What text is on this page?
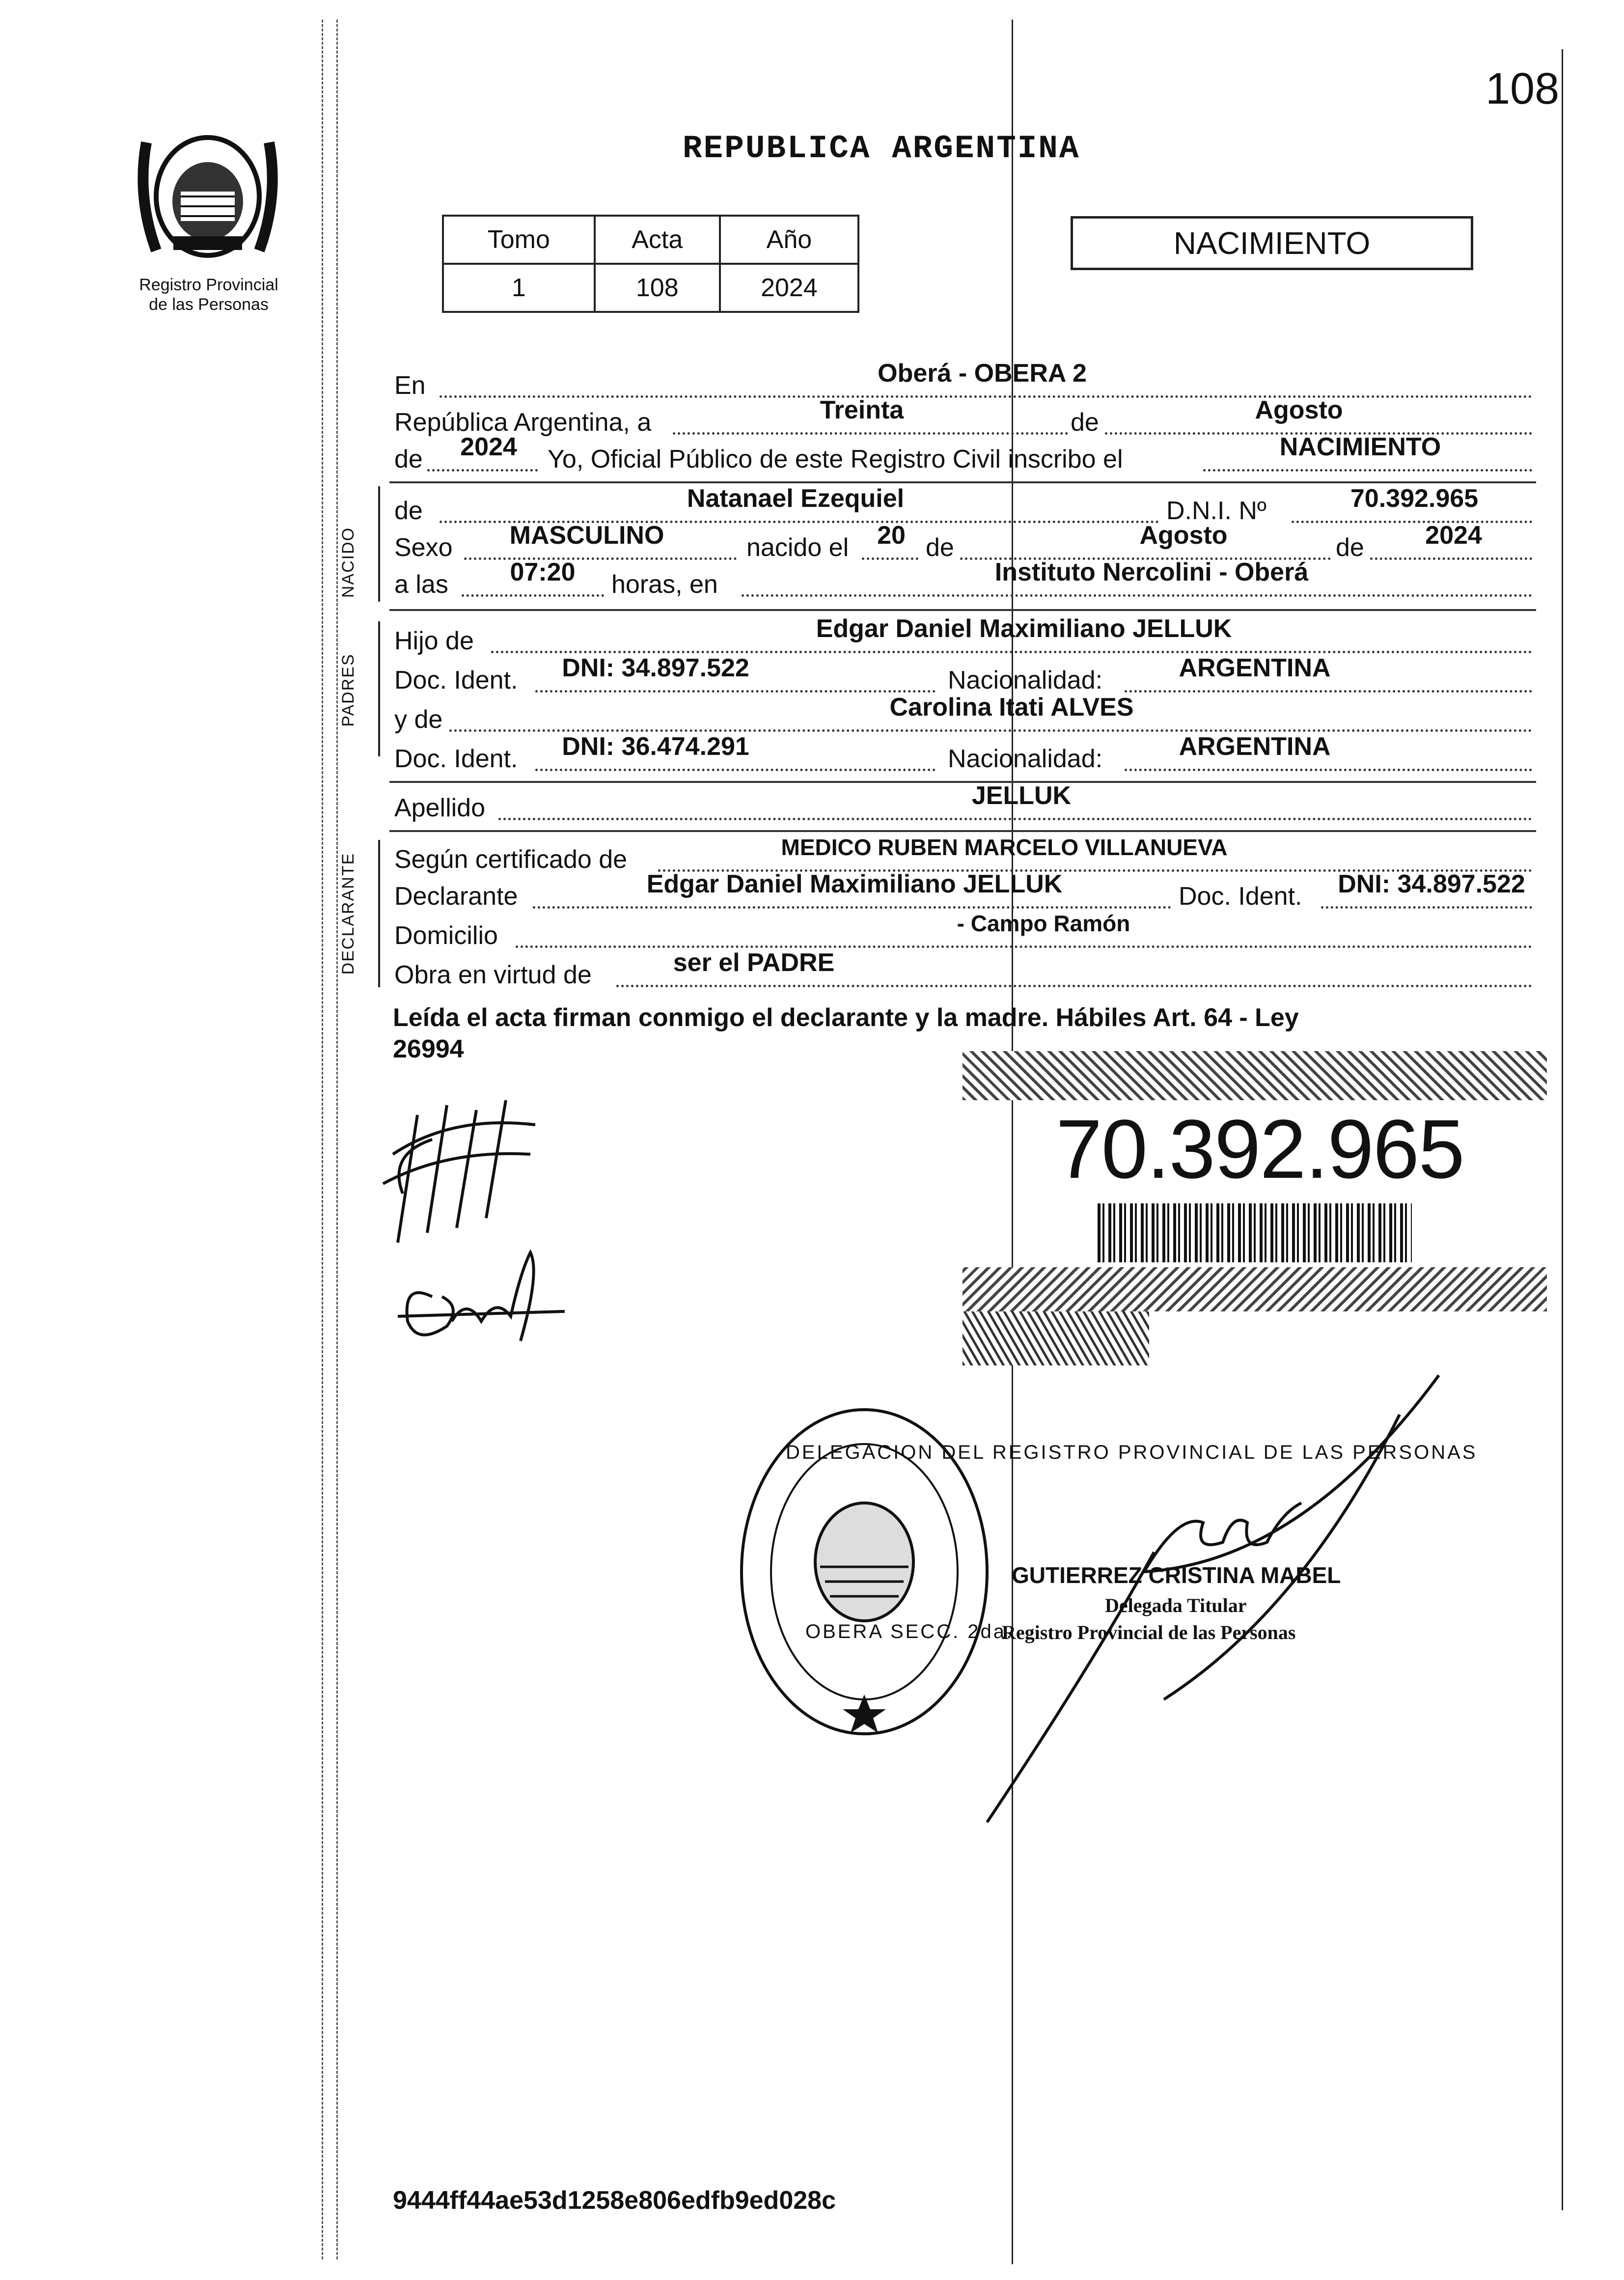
108
Registro Provincial
de las Personas
REPUBLICA ARGENTINA
Tomo	Acta	Año
1	108	2024
NACIMIENTO
NACIDO
PADRES
DECLARANTE
En	Oberá - OBERA 2
República Argentina, a	Treinta	de	Agosto
de 2024 Yo, Oficial Público de este Registro Civil inscribo el	NACIMIENTO
de	Natanael Ezequiel	D.N.I. Nº	70.392.965
Sexo MASCULINO	nacido el 20 de	Agosto	de 2024
a las 07:20 horas, en	Instituto Nercolini - Oberá
Hijo de	Edgar Daniel Maximiliano JELLUK
Doc. Ident. DNI: 34.897.522	Nacionalidad:	ARGENTINA
y de	Carolina Itati ALVES
Doc. Ident. DNI: 36.474.291	Nacionalidad:	ARGENTINA
Apellido	JELLUK
Según certificado de	MEDICO RUBEN MARCELO VILLANUEVA
Declarante	Edgar Daniel Maximiliano JELLUK	Doc. Ident. DNI: 34.897.522
Domicilio	- Campo Ramón
Obra en virtud de	ser el PADRE
Leída el acta firman conmigo el declarante y la madre. Hábiles Art. 64 - Ley
26994
70.392.965
DELEGACION DEL REGISTRO PROVINCIAL DE LAS PERSONAS
OBERA SECC. 2da.
GUTIERREZ CRISTINA MABEL
Delegada Titular
Registro Provincial de las Personas
9444ff44ae53d1258e806edfb9ed028c
